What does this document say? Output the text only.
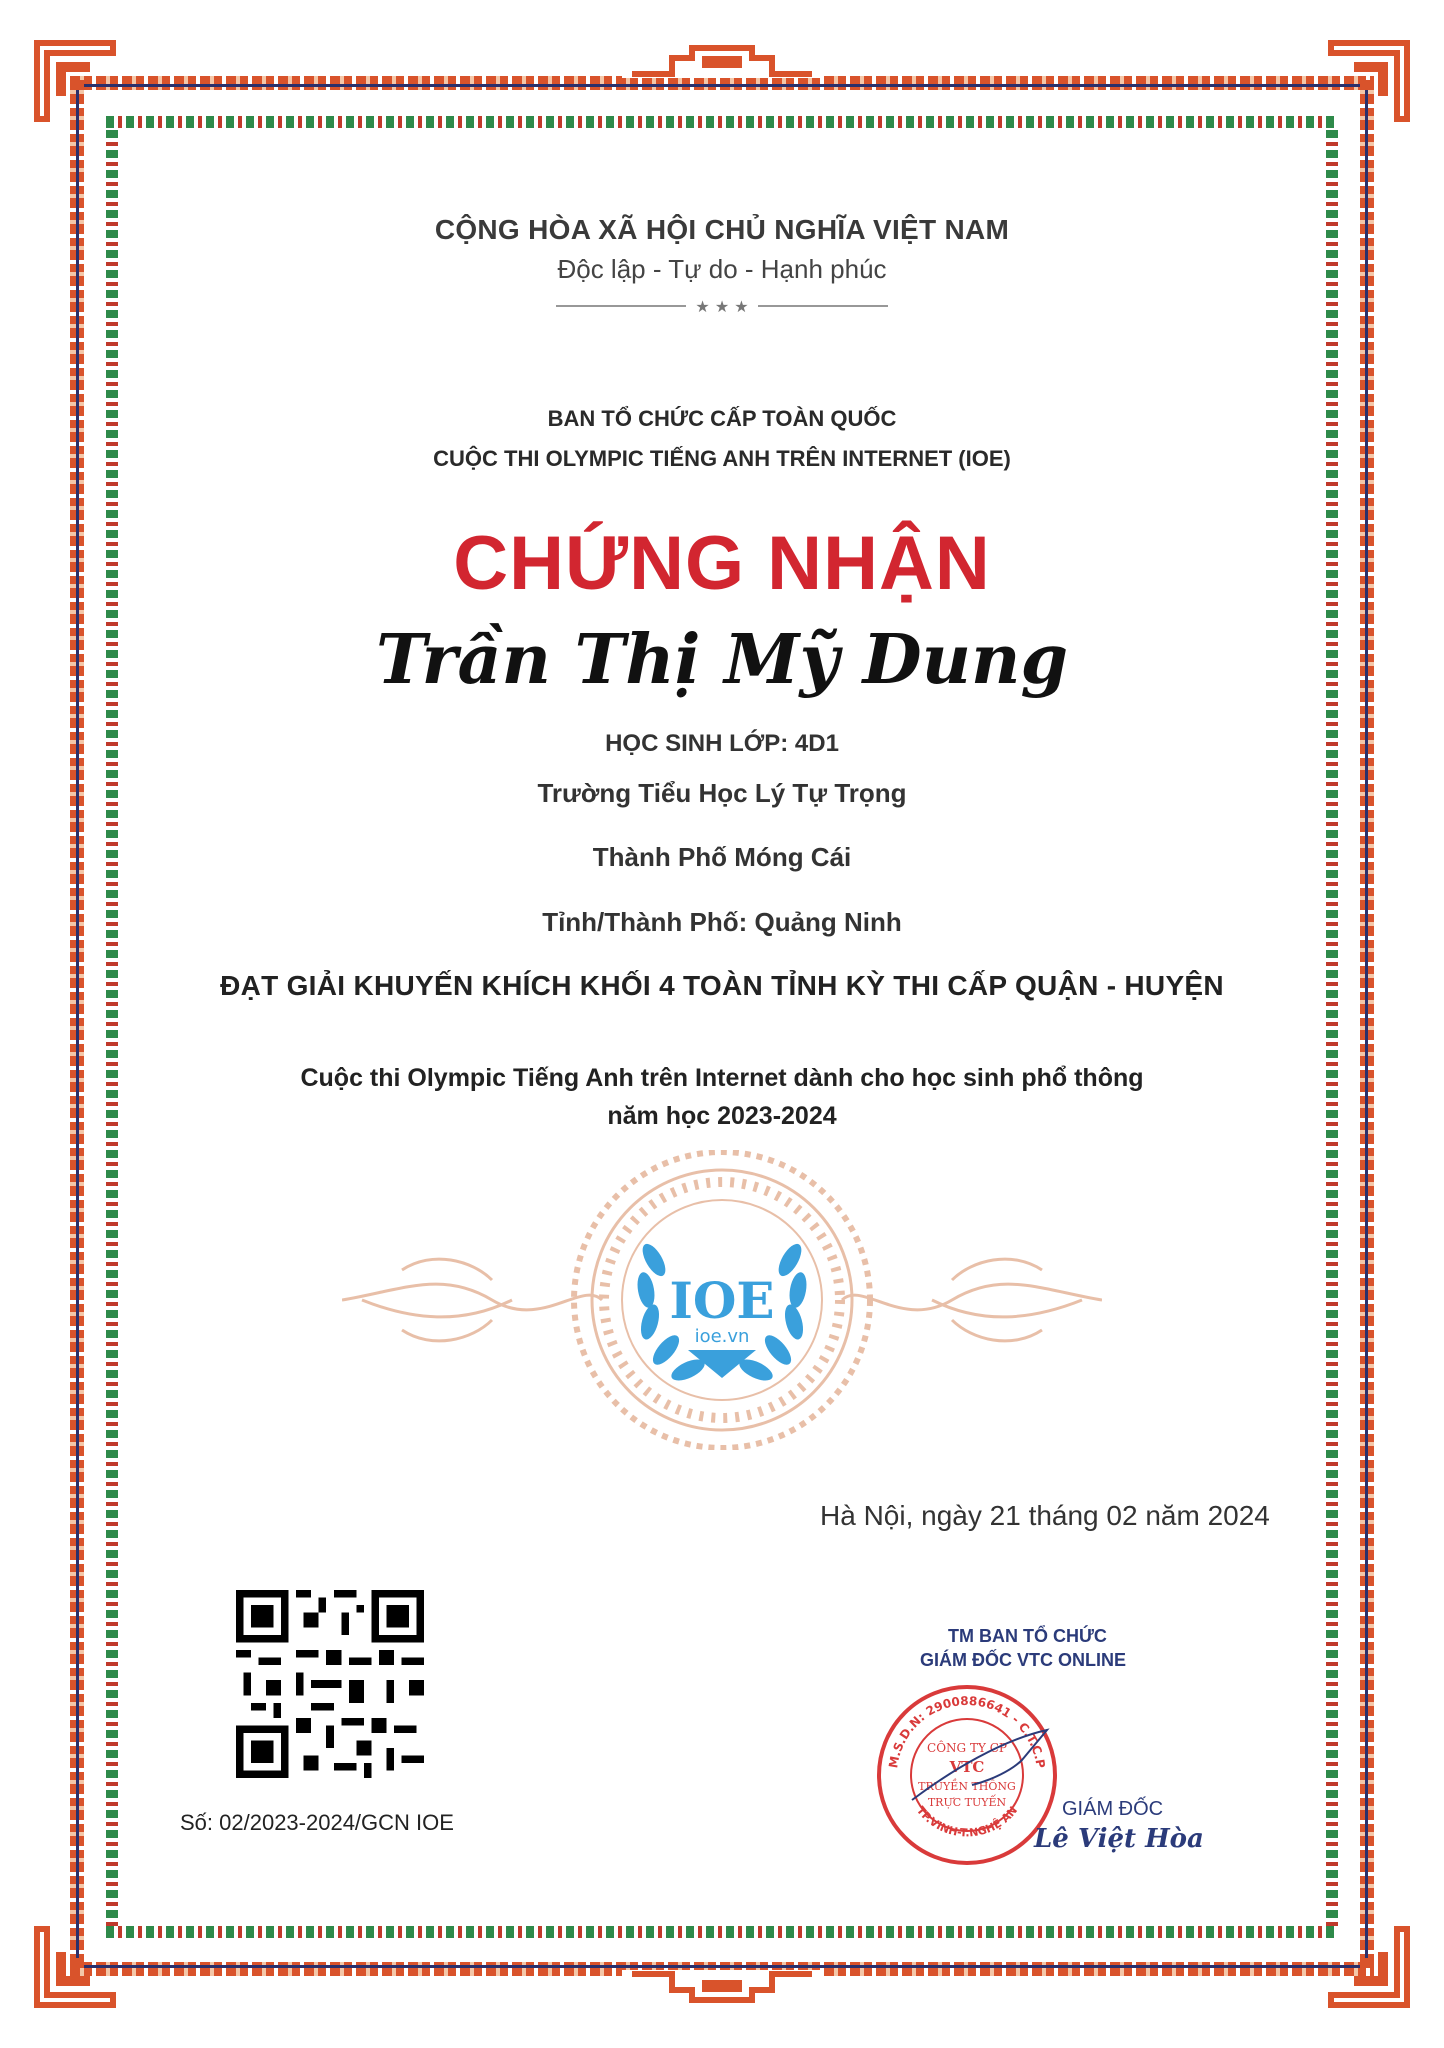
CỘNG HÒA XÃ HỘI CHỦ NGHĨA VIỆT NAM
Độc lập - Tự do - Hạnh phúc
★ ★ ★
BAN TỔ CHỨC CẤP TOÀN QUỐC
CUỘC THI OLYMPIC TIẾNG ANH TRÊN INTERNET (IOE)
CHỨNG NHẬN
Trần Thị Mỹ Dung
HỌC SINH LỚP: 4D1
Trường Tiểu Học Lý Tự Trọng
Thành Phố Móng Cái
Tỉnh/Thành Phố: Quảng Ninh
ĐẠT GIẢI KHUYẾN KHÍCH KHỐI 4 TOÀN TỈNH KỲ THI CẤP QUẬN - HUYỆN
Cuộc thi Olympic Tiếng Anh trên Internet dành cho học sinh phổ thông
năm học 2023-2024
IOE
ioe.vn
Hà Nội, ngày 21 tháng 02 năm 2024
Số: 02/2023-2024/GCN IOE
TM BAN TỔ CHỨC
GIÁM ĐỐC VTC ONLINE
M.S.D.N: 2900886641 - C.T.C.P
TP.VINH-T.NGHỆ AN
CÔNG TY CP
VTC
TRUYỀN THÔNG
TRỰC TUYẾN	GIÁM ĐỐC
Lê Việt Hòa
